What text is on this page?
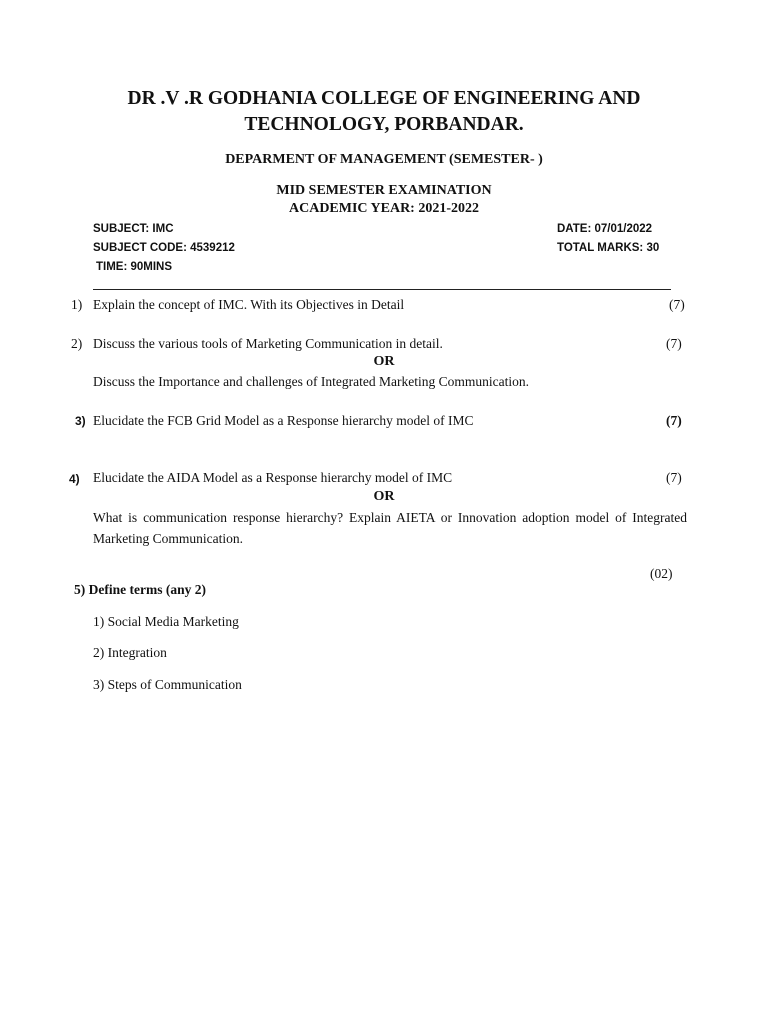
DR .V .R GODHANIA COLLEGE OF ENGINEERING AND
TECHNOLOGY, PORBANDAR.
DEPARMENT OF MANAGEMENT (SEMESTER- )
MID SEMESTER EXAMINATION
ACADEMIC YEAR: 2021-2022
SUBJECT: IMC
SUBJECT CODE: 4539212
TIME: 90MINS
DATE: 07/01/2022
TOTAL MARKS: 30
1) Explain the concept of IMC. With its Objectives in Detail	(7)
2) Discuss the various tools of Marketing Communication in detail.	(7)
OR
Discuss the Importance and challenges of Integrated Marketing Communication.
3) Elucidate the FCB Grid Model as a Response hierarchy model of IMC	(7)
4) Elucidate the AIDA Model as a Response hierarchy model of IMC	(7)
OR
What is communication response hierarchy? Explain AIETA or Innovation adoption model of Integrated Marketing Communication.
(02)
5) Define terms (any 2)
1) Social Media Marketing
2) Integration
3) Steps of Communication
